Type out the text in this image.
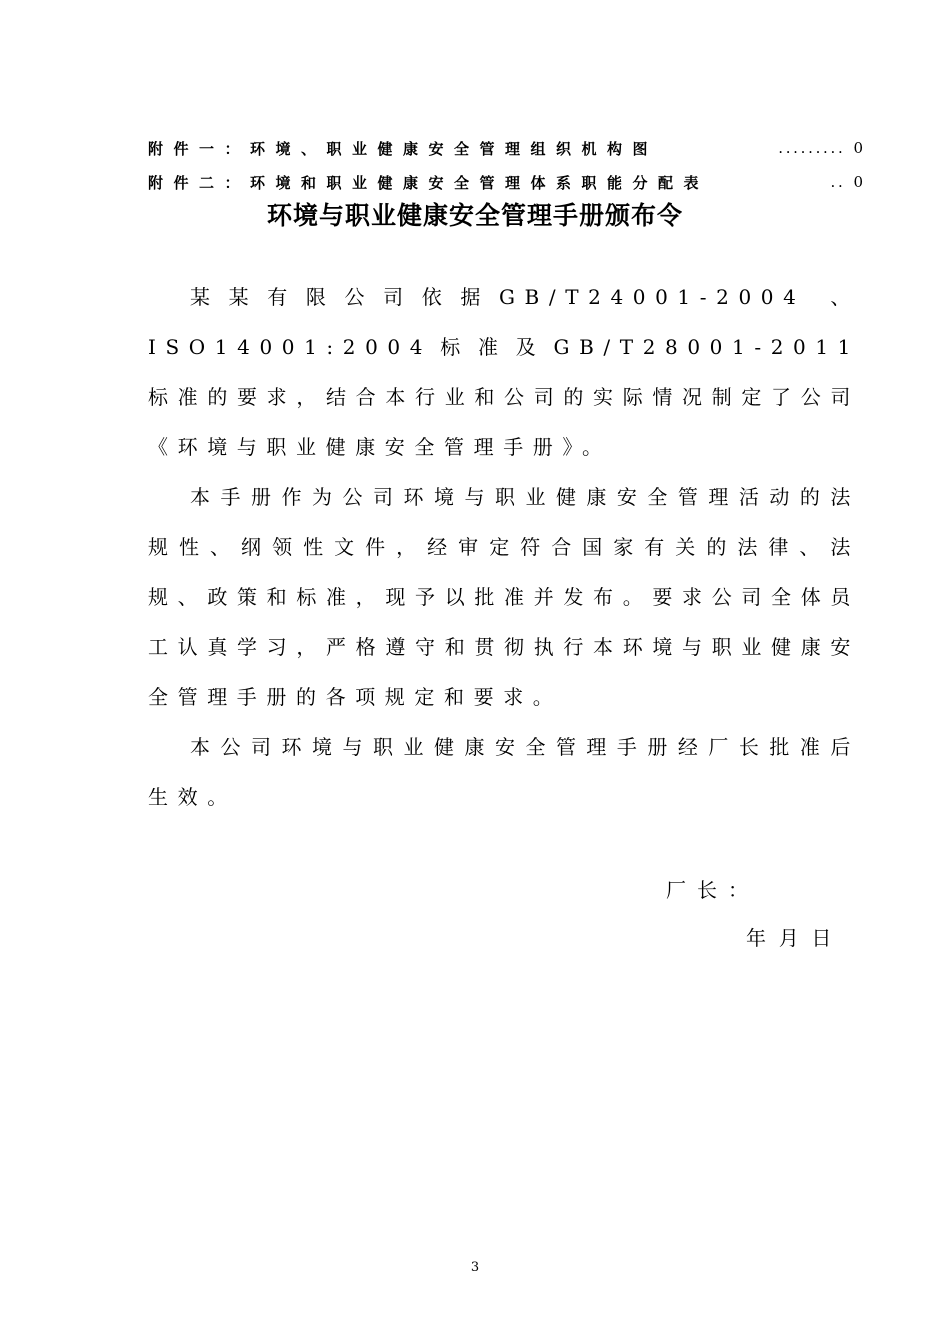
附件一：环境、职业健康安全管理组织机构图	......... 0
附件二：环境和职业健康安全管理体系职能分配表	.. 0
环境与职业健康安全管理手册颁布令

某某有限公司依据GB/T24001-2004 、ISO14001:2004标准及GB/T28001-2011 标准的要求，结合本行业和公司的实际情况制定了公司《环境与职业健康安全管理手册》。

本手册作为公司环境与职业健康安全管理活动的法规性、纲领性文件，经审定符合国家有关的法律、法规、政策和标准，现予以批准并发布。要求公司全体员工认真学习，严格遵守和贯彻执行本环境与职业健康安全管理手册的各项规定和要求。

本公司环境与职业健康安全管理手册经厂长批准后生效。

厂长：
年  月  日
3
